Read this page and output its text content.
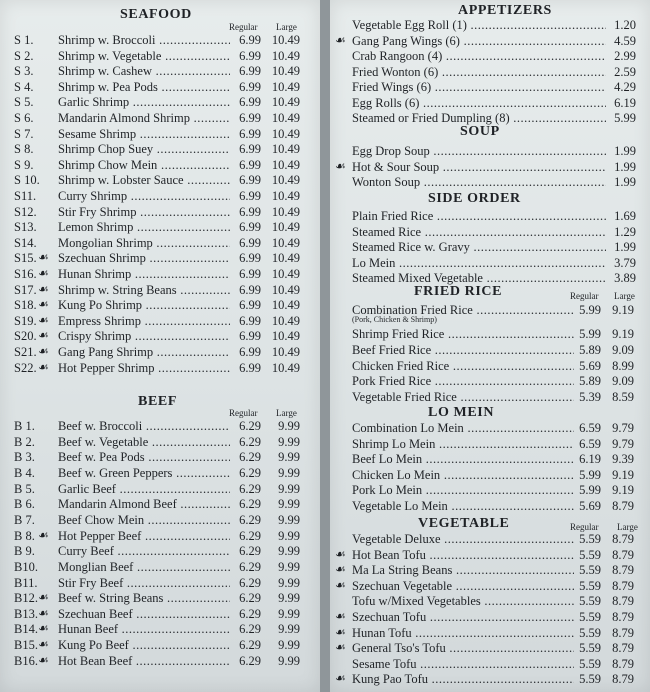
SEAFOOD
Regular Large
S 1. Shrimp w. Broccoli .....	6.99 10.49
S 2. Shrimp w. Vegetable .....	6.99 10.49
S 3. Shrimp w. Cashew .....	6.99 10.49
S 4. Shrimp w. Pea Pods .....	6.99 10.49
S 5. Garlic Shrimp .....	6.99 10.49
S 6. Mandarin Almond Shrimp .....	6.99 10.49
S 7. Sesame Shrimp .....	6.99 10.49
S 8. Shrimp Chop Suey .....	6.99 10.49
S 9. Shrimp Chow Mein .....	6.99 10.49
S 10. Shrimp w. Lobster Sauce .....	6.99 10.49
S11. Curry Shrimp .....	6.99 10.49
S12. Stir Fry Shrimp .....	6.99 10.49
S13. Lemon Shrimp .....	6.99 10.49
S14. Mongolian Shrimp .....	6.99 10.49
S15. ☙ Szechuan Shrimp .....	6.99 10.49
S16. ☙ Hunan Shrimp .....	6.99 10.49
S17. ☙ Shrimp w. String Beans .....	6.99 10.49
S18. ☙ Kung Po Shrimp .....	6.99 10.49
S19. ☙ Empress Shrimp .....	6.99 10.49
S20. ☙ Crispy Shrimp .....	6.99 10.49
S21. ☙ Gang Pang Shrimp .....	6.99 10.49
S22. ☙ Hot Pepper Shrimp .....	6.99 10.49
BEEF
Regular Large
B 1. Beef w. Broccoli .....	6.29	9.99
B 2. Beef w. Vegetable .....	6.29	9.99
B 3. Beef w. Pea Pods .....	6.29	9.99
B 4. Beef w. Green Peppers .....	6.29	9.99
B 5. Garlic Beef .....	6.29	9.99
B 6. Mandarin Almond Beef .....	6.29	9.99
B 7. Beef Chow Mein .....	6.29	9.99
B 8. ☙ Hot Pepper Beef .....	6.29	9.99
B 9. Curry Beef .....	6.29	9.99
B10. Monglian Beef .....	6.29	9.99
B11. Stir Fry Beef .....	6.29	9.99
B12. ☙ Beef w. String Beans .....	6.29	9.99
B13. ☙ Szechuan Beef .....	6.29	9.99
B14. ☙ Hunan Beef .....	6.29	9.99
B15. ☙ Kung Po Beef .....	6.29	9.99
B16. ☙ Hot Bean Beef .....	6.29	9.99
APPETIZERS
Vegetable Egg Roll (1) .....	1.20
☙ Gang Pang Wings (6) .....	4.59
Crab Rangoon (4) .....	2.99
Fried Wonton (6) .....	2.59
Fried Wings (6) .....	4.29
Egg Rolls (6) .....	6.19
Steamed or Fried Dumpling (8) .....	5.99
SOUP
Egg Drop Soup .....	1.99
☙ Hot & Sour Soup .....	1.99
Wonton Soup .....	1.99
SIDE ORDER
Plain Fried Rice .....	1.69
Steamed Rice .....	1.29
Steamed Rice w. Gravy .....	1.99
Lo Mein .....	3.79
Steamed Mixed Vegetable .....	3.89
FRIED RICE	Regular Large
Combination Fried Rice .....	5.99 9.19
(Pork, Chicken & Shrimp)
Shrimp Fried Rice .....	5.99 9.19
Beef Fried Rice .....	5.89 9.09
Chicken Fried Rice .....	5.69 8.99
Pork Fried Rice .....	5.89 9.09
Vegetable Fried Rice .....	5.39 8.59
LO MEIN
Combination Lo Mein .....	6.59 9.79
Shrimp Lo Mein .....	6.59 9.79
Beef Lo Mein .....	6.19 9.39
Chicken Lo Mein .....	5.99 9.19
Pork Lo Mein .....	5.99 9.19
Vegetable Lo Mein .....	5.69 8.79
VEGETABLE	Regular Large
Vegetable Deluxe .....	5.59 8.79
☙ Hot Bean Tofu .....	5.59 8.79
☙ Ma La String Beans .....	5.59 8.79
☙ Szechuan Vegetable .....	5.59 8.79
Tofu w/Mixed Vegetables .....	5.59 8.79
☙ Szechuan Tofu .....	5.59 8.79
☙ Hunan Tofu .....	5.59 8.79
☙ General Tso's Tofu .....	5.59 8.79
Sesame Tofu .....	5.59 8.79
☙ Kung Pao Tofu .....	5.59 8.79
